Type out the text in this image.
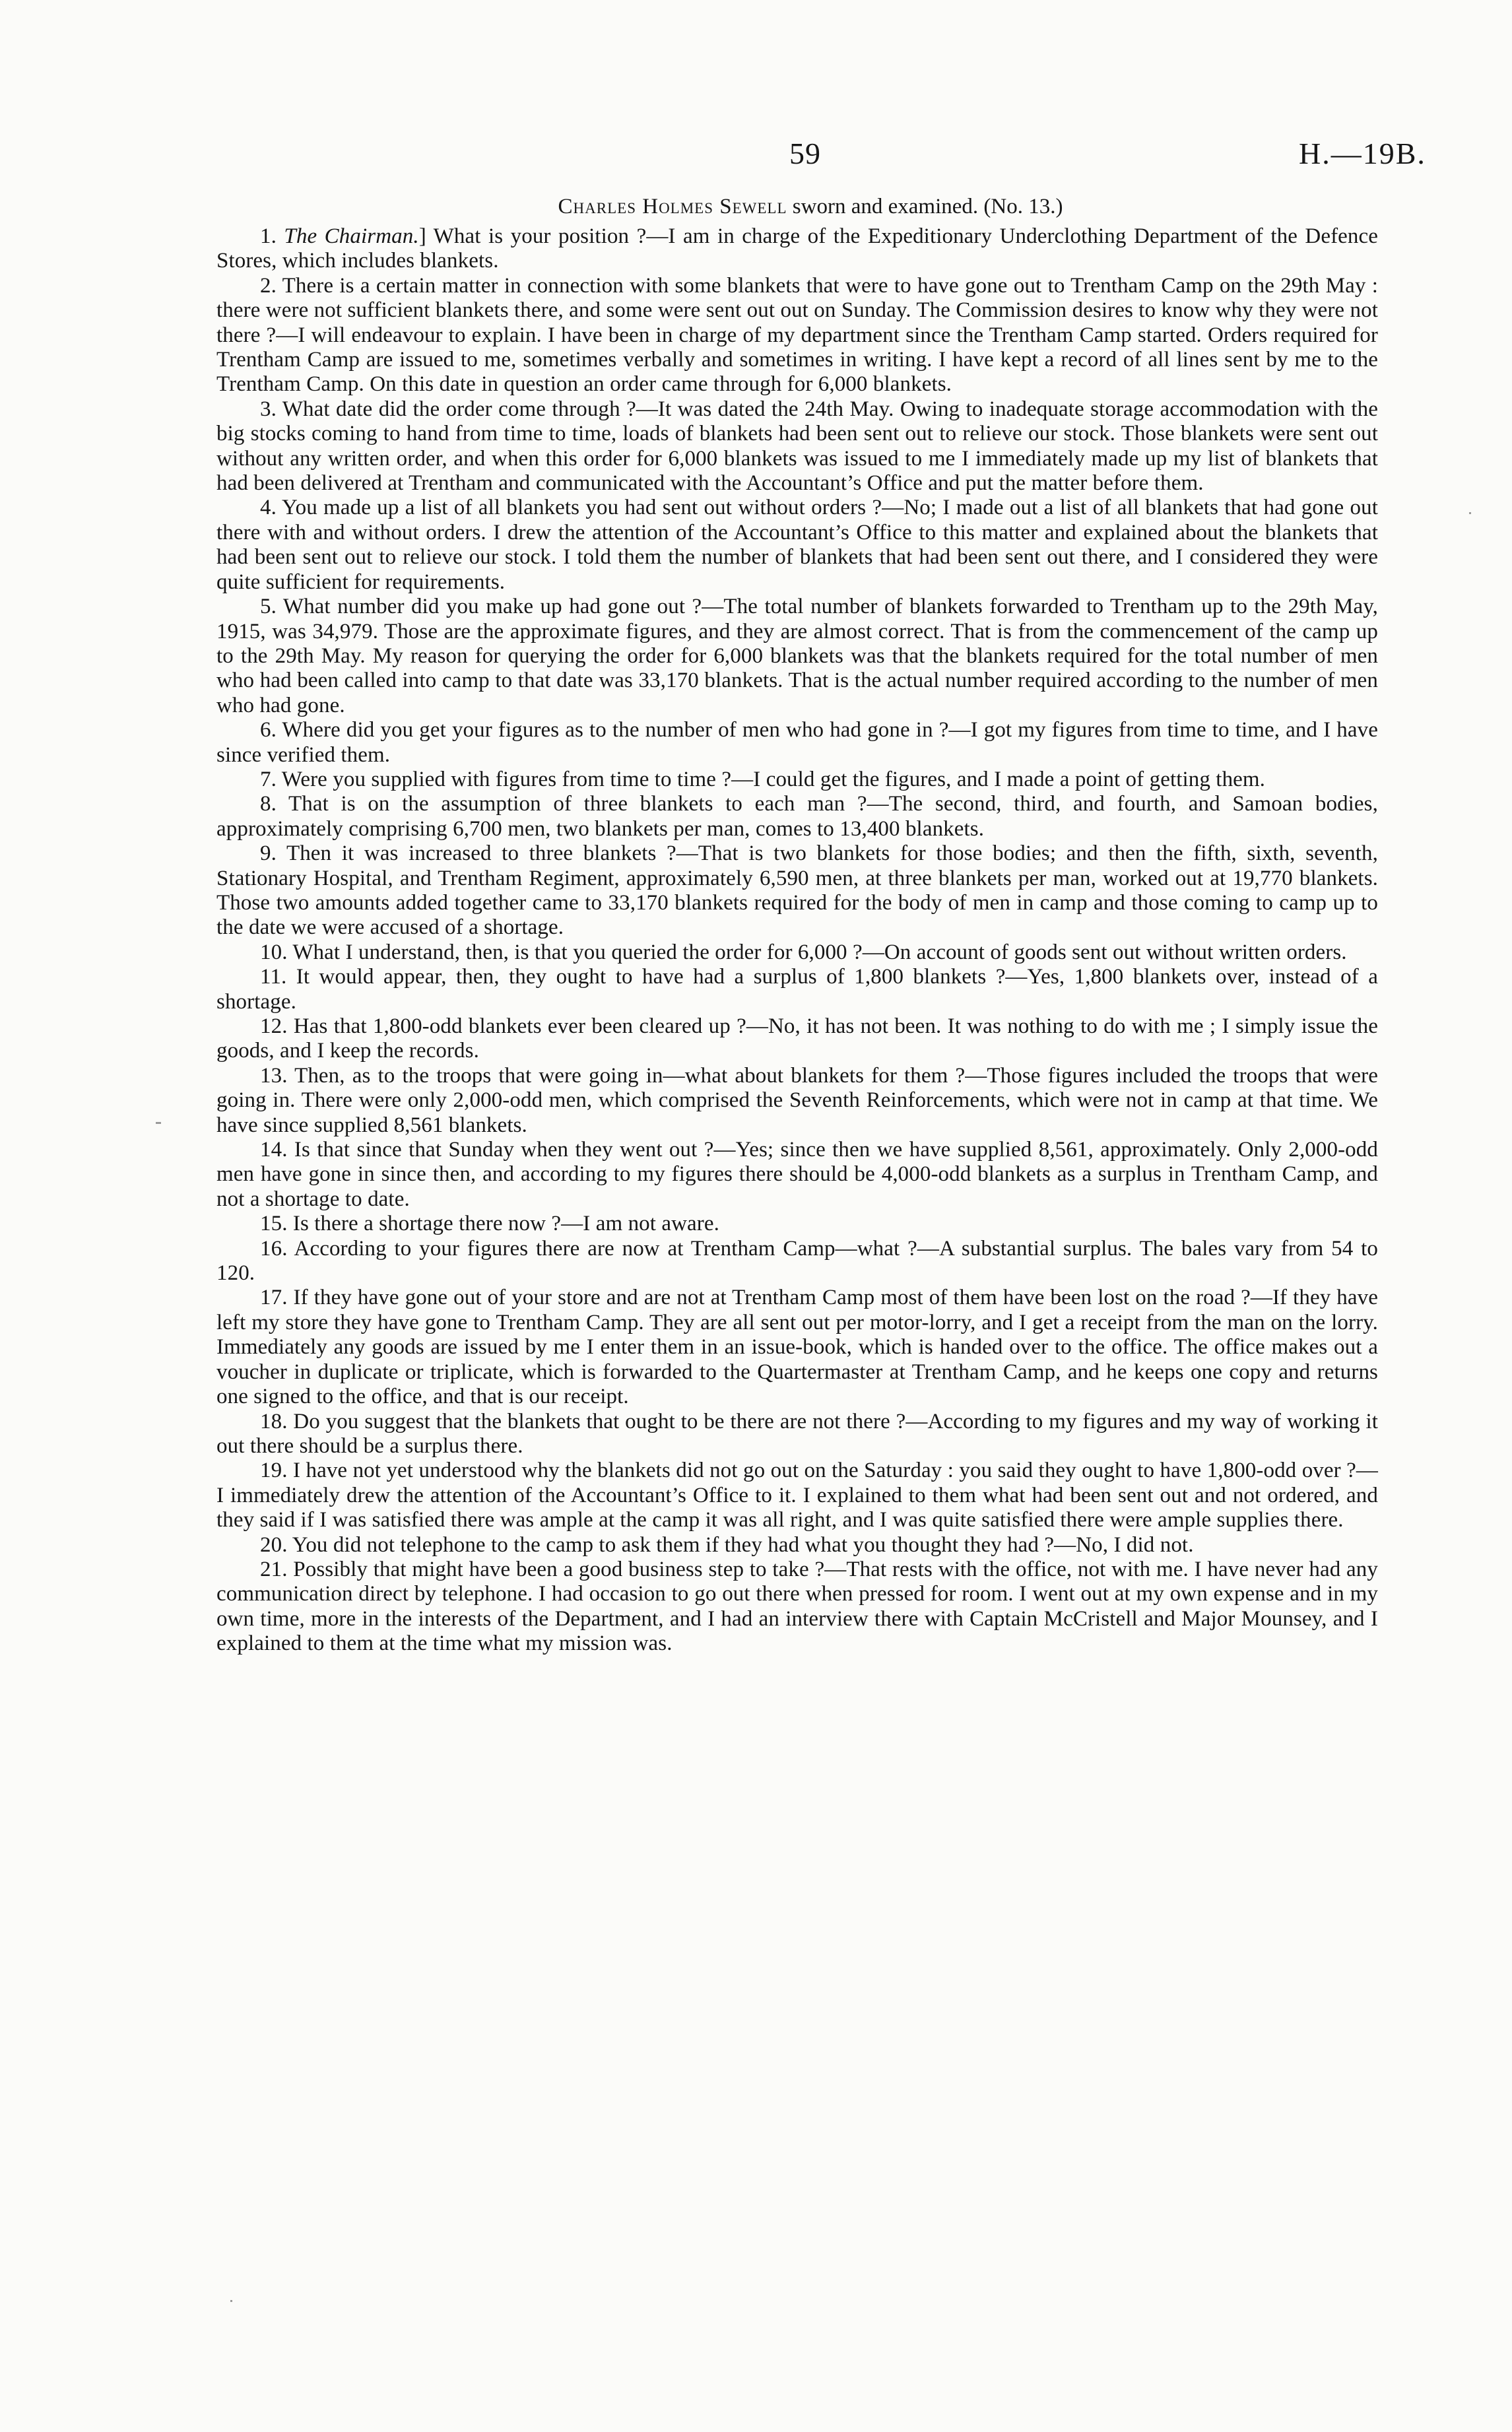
59	H.—19B.

Charles Holmes Sewell sworn and examined. (No. 13.)

1. The Chairman.] What is your position ?—I am in charge of the Expeditionary Underclothing Department of the Defence Stores, which includes blankets.

2. There is a certain matter in connection with some blankets that were to have gone out to Trentham Camp on the 29th May : there were not sufficient blankets there, and some were sent out out on Sunday. The Commission desires to know why they were not there ?—I will endeavour to explain. I have been in charge of my department since the Trentham Camp started. Orders required for Trentham Camp are issued to me, sometimes verbally and sometimes in writing. I have kept a record of all lines sent by me to the Trentham Camp. On this date in question an order came through for 6,000 blankets.

3. What date did the order come through ?—It was dated the 24th May. Owing to inadequate storage accommodation with the big stocks coming to hand from time to time, loads of blankets had been sent out to relieve our stock. Those blankets were sent out without any written order, and when this order for 6,000 blankets was issued to me I immediately made up my list of blankets that had been delivered at Trentham and communicated with the Accountant’s Office and put the matter before them.

4. You made up a list of all blankets you had sent out without orders ?—No; I made out a list of all blankets that had gone out there with and without orders. I drew the attention of the Accountant’s Office to this matter and explained about the blankets that had been sent out to relieve our stock. I told them the number of blankets that had been sent out there, and I considered they were quite sufficient for requirements.

5. What number did you make up had gone out ?—The total number of blankets forwarded to Trentham up to the 29th May, 1915, was 34,979. Those are the approximate figures, and they are almost correct. That is from the commencement of the camp up to the 29th May. My reason for querying the order for 6,000 blankets was that the blankets required for the total number of men who had been called into camp to that date was 33,170 blankets. That is the actual number required according to the number of men who had gone.

6. Where did you get your figures as to the number of men who had gone in ?—I got my figures from time to time, and I have since verified them.

7. Were you supplied with figures from time to time ?—I could get the figures, and I made a point of getting them.

8. That is on the assumption of three blankets to each man ?—The second, third, and fourth, and Samoan bodies, approximately comprising 6,700 men, two blankets per man, comes to 13,400 blankets.

9. Then it was increased to three blankets ?—That is two blankets for those bodies; and then the fifth, sixth, seventh, Stationary Hospital, and Trentham Regiment, approximately 6,590 men, at three blankets per man, worked out at 19,770 blankets. Those two amounts added together came to 33,170 blankets required for the body of men in camp and those coming to camp up to the date we were accused of a shortage.

10. What I understand, then, is that you queried the order for 6,000 ?—On account of goods sent out without written orders.

11. It would appear, then, they ought to have had a surplus of 1,800 blankets ?—Yes, 1,800 blankets over, instead of a shortage.

12. Has that 1,800-odd blankets ever been cleared up ?—No, it has not been. It was nothing to do with me ; I simply issue the goods, and I keep the records.

13. Then, as to the troops that were going in—what about blankets for them ?—Those figures included the troops that were going in. There were only 2,000-odd men, which comprised the Seventh Reinforcements, which were not in camp at that time. We have since supplied 8,561 blankets.

14. Is that since that Sunday when they went out ?—Yes; since then we have supplied 8,561, approximately. Only 2,000-odd men have gone in since then, and according to my figures there should be 4,000-odd blankets as a surplus in Trentham Camp, and not a shortage to date.

15. Is there a shortage there now ?—I am not aware.

16. According to your figures there are now at Trentham Camp—what ?—A substantial surplus. The bales vary from 54 to 120.

17. If they have gone out of your store and are not at Trentham Camp most of them have been lost on the road ?—If they have left my store they have gone to Trentham Camp. They are all sent out per motor-lorry, and I get a receipt from the man on the lorry. Immediately any goods are issued by me I enter them in an issue-book, which is handed over to the office. The office makes out a voucher in duplicate or triplicate, which is forwarded to the Quartermaster at Trentham Camp, and he keeps one copy and returns one signed to the office, and that is our receipt.

18. Do you suggest that the blankets that ought to be there are not there ?—According to my figures and my way of working it out there should be a surplus there.

19. I have not yet understood why the blankets did not go out on the Saturday : you said they ought to have 1,800-odd over ?—I immediately drew the attention of the Accountant’s Office to it. I explained to them what had been sent out and not ordered, and they said if I was satisfied there was ample at the camp it was all right, and I was quite satisfied there were ample supplies there.

20. You did not telephone to the camp to ask them if they had what you thought they had ?—No, I did not.

21. Possibly that might have been a good business step to take ?—That rests with the office, not with me. I have never had any communication direct by telephone. I had occasion to go out there when pressed for room. I went out at my own expense and in my own time, more in the interests of the Department, and I had an interview there with Captain McCristell and Major Mounsey, and I explained to them at the time what my mission was.
